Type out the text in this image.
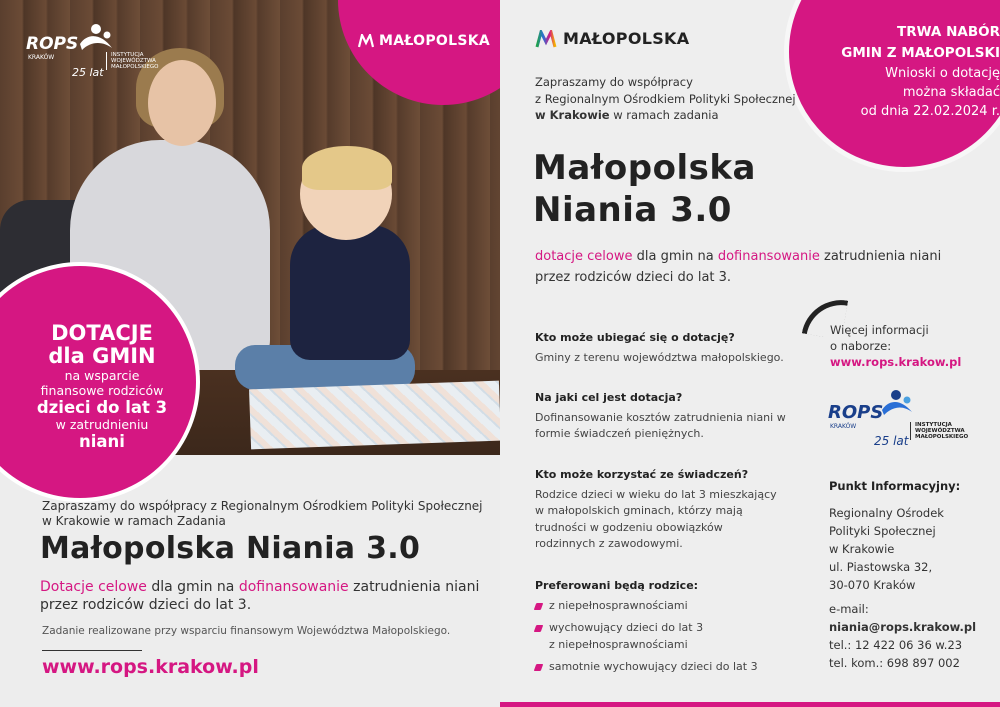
ROPS
KRAKÓW
25 lat
INSTYTUCJA
WOJEWÓDZTWA
MAŁOPOLSKIEGO
MAŁOPOLSKA
DOTACJE
dla GMIN
na wsparcie
finansowe rodziców
dzieci do lat 3
w zatrudnieniu
niani
Zapraszamy do współpracy z Regionalnym Ośrodkiem Polityki Społecznej w Krakowie w ramach Zadania
Małopolska Niania 3.0
Dotacje celowe dla gmin na dofinansowanie zatrudnienia niani przez rodziców dzieci do lat 3.
Zadanie realizowane przy wsparciu finansowym Województwa Małopolskiego.
www.rops.krakow.pl
MAŁOPOLSKA	TRWA NABÓR
GMIN Z MAŁOPOLSKI
Wnioski o dotację
można składać
od dnia 22.02.2024 r.
Zapraszamy do współpracy
z Regionalnym Ośrodkiem Polityki Społecznej
w Krakowie w ramach zadania
Małopolska
Niania 3.0
dotacje celowe dla gmin na dofinansowanie zatrudnienia niani przez rodziców dzieci do lat 3.
Kto może ubiegać się o dotację?
Gminy z terenu województwa małopolskiego.
Na jaki cel jest dotacja?
Dofinansowanie kosztów zatrudnienia niani w formie świadczeń pieniężnych.
Kto może korzystać ze świadczeń?
Rodzice dzieci w wieku do lat 3 mieszkający w małopolskich gminach, którzy mają trudności w godzeniu obowiązków rodzinnych z zawodowymi.
Preferowani będą rodzice:
z niepełnosprawnościami
wychowujący dzieci do lat 3 z niepełnosprawnościami
samotnie wychowujący dzieci do lat 3
Więcej informacji
o naborze:
www.rops.krakow.pl
ROPS
KRAKÓW
25 lat
INSTYTUCJA
WOJEWÓDZTWA
MAŁOPOLSKIEGO
Punkt Informacyjny:
Regionalny Ośrodek
Polityki Społecznej
w Krakowie
ul. Piastowska 32,
30-070 Kraków
e-mail:
niania@rops.krakow.pl
tel.: 12 422 06 36 w.23
tel. kom.: 698 897 002
